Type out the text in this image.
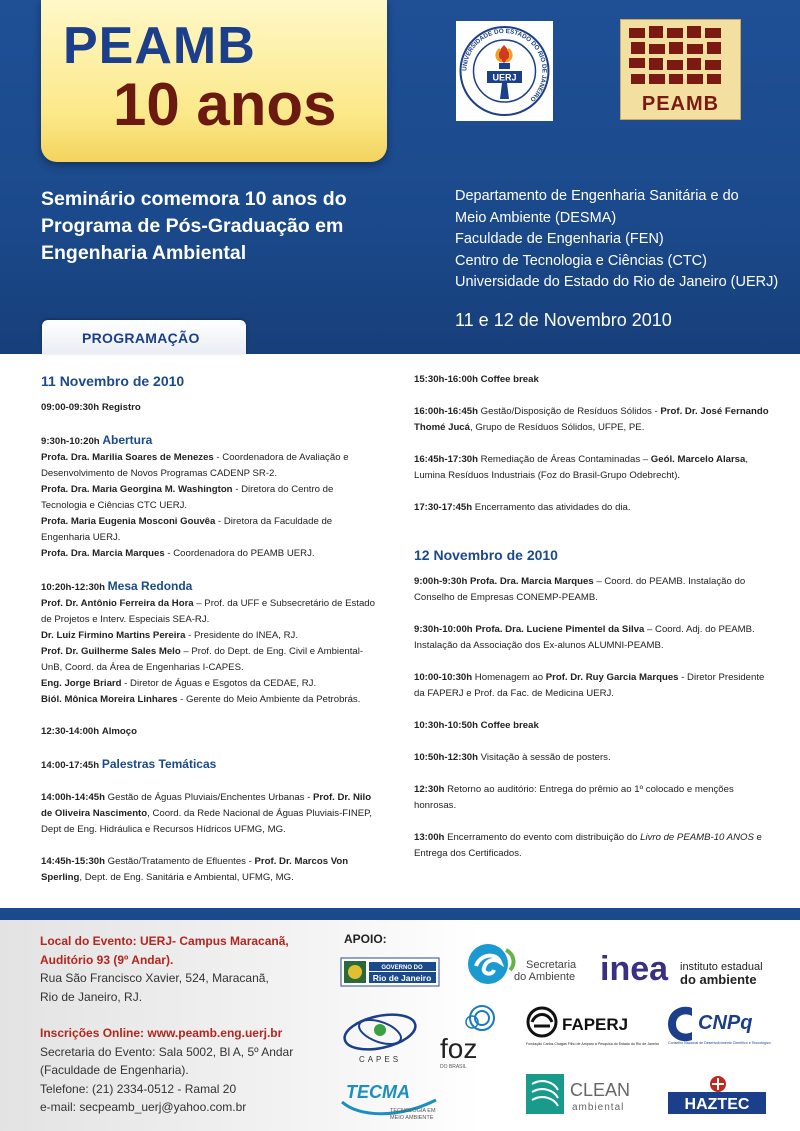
PEAMB
10 anos	UERJ
UNIVERSIDADE DO ESTADO DO RIO DE JANEIRO	PEAMB
Seminário comemora 10 anos do Programa de Pós-Graduação em Engenharia Ambiental
Departamento de Engenharia Sanitária e do
Meio Ambiente (DESMA)
Faculdade de Engenharia (FEN)
Centro de Tecnologia e Ciências (CTC)
Universidade do Estado do Rio de Janeiro (UERJ)
11 e 12 de Novembro 2010
PROGRAMAÇÃO
11 Novembro de 2010
09:00-09:30h Registro

9:30h-10:20h Abertura

Profa. Dra. Marilia Soares de Menezes - Coordenadora de Avaliação e Desenvolvimento de Novos Programas CADENP SR-2.

Profa. Dra. Maria Georgina M. Washington - Diretora do Centro de Tecnologia e Ciências CTC UERJ.

Profa. Maria Eugenia Mosconi Gouvêa - Diretora da Faculdade de Engenharia UERJ.

Profa. Dra. Marcia Marques - Coordenadora do PEAMB UERJ.

10:20h-12:30h Mesa Redonda

Prof. Dr. Antônio Ferreira da Hora – Prof. da UFF e Subsecretário de Estado de Projetos e Interv. Especiais SEA-RJ.

Dr. Luiz Firmino Martins Pereira - Presidente do INEA, RJ.

Prof. Dr. Guilherme Sales Melo – Prof. do Dept. de Eng. Civil e Ambiental-UnB, Coord. da Área de Engenharias I-CAPES.

Eng. Jorge Briard - Diretor de Águas e Esgotos da CEDAE, RJ.

Biól. Mônica Moreira Linhares - Gerente do Meio Ambiente da Petrobrás.

12:30-14:00h Almoço
14:00-17:45h Palestras Temáticas
14:00h-14:45h Gestão de Águas Pluviais/Enchentes Urbanas - Prof. Dr. Nilo de Oliveira Nascimento, Coord. da Rede Nacional de Águas Pluviais-FINEP, Dept de Eng. Hidráulica e Recursos Hídricos UFMG, MG.
14:45h-15:30h Gestão/Tratamento de Efluentes - Prof. Dr. Marcos Von Sperling, Dept. de Eng. Sanitária e Ambiental, UFMG, MG.
15:30h-16:00h Coffee break
16:00h-16:45h Gestão/Disposição de Resíduos Sólidos - Prof. Dr. José Fernando Thomé Jucá, Grupo de Resíduos Sólidos, UFPE, PE.
16:45h-17:30h Remediação de Áreas Contaminadas – Geól. Marcelo Alarsa, Lumina Resíduos Industriais (Foz do Brasil-Grupo Odebrecht).
17:30-17:45h Encerramento das atividades do dia.
12 Novembro de 2010
9:00h-9:30h Profa. Dra. Marcia Marques – Coord. do PEAMB. Instalação do Conselho de Empresas CONEMP-PEAMB.
9:30h-10:00h Profa. Dra. Luciene Pimentel da Silva – Coord. Adj. do PEAMB. Instalação da Associação dos Ex-alunos ALUMNI-PEAMB.
10:00-10:30h Homenagem ao Prof. Dr. Ruy Garcia Marques - Diretor Presidente da FAPERJ e Prof. da Fac. de Medicina UERJ.
10:30h-10:50h Coffee break
10:50h-12:30h Visitação à sessão de posters.
12:30h Retorno ao auditório: Entrega do prêmio ao 1º colocado e menções honrosas.
13:00h Encerramento do evento com distribuição do Livro de PEAMB-10 ANOS e Entrega dos Certificados.
Local do Evento: UERJ- Campus Maracanã,
Auditório 93 (9º Andar).
Rua São Francisco Xavier, 524, Maracanã,
Rio de Janeiro, RJ.
Inscrições Online: www.peamb.eng.uerj.br
Secretaria do Evento: Sala 5002, Bl A, 5º Andar
(Faculdade de Engenharia).
Telefone: (21) 2334-0512 - Ramal 20
e-mail: secpeamb_uerj@yahoo.com.br
APOIO:
GOVERNO DO
Rio de Janeiro
Secretaria
do Ambiente inea instituto estadual
do ambiente
CAPES foz
DO BRASIL
FAPERJ
Fundação Carlos Chagas Filho de Amparo à Pesquisa do Estado do Rio de Janeiro
CNPq
Conselho Nacional de Desenvolvimento Científico e Tecnológico
TECMA
TECNOLOGIA EM
MEIO AMBIENTE
CLEAN
ambiental	HAZTEC
